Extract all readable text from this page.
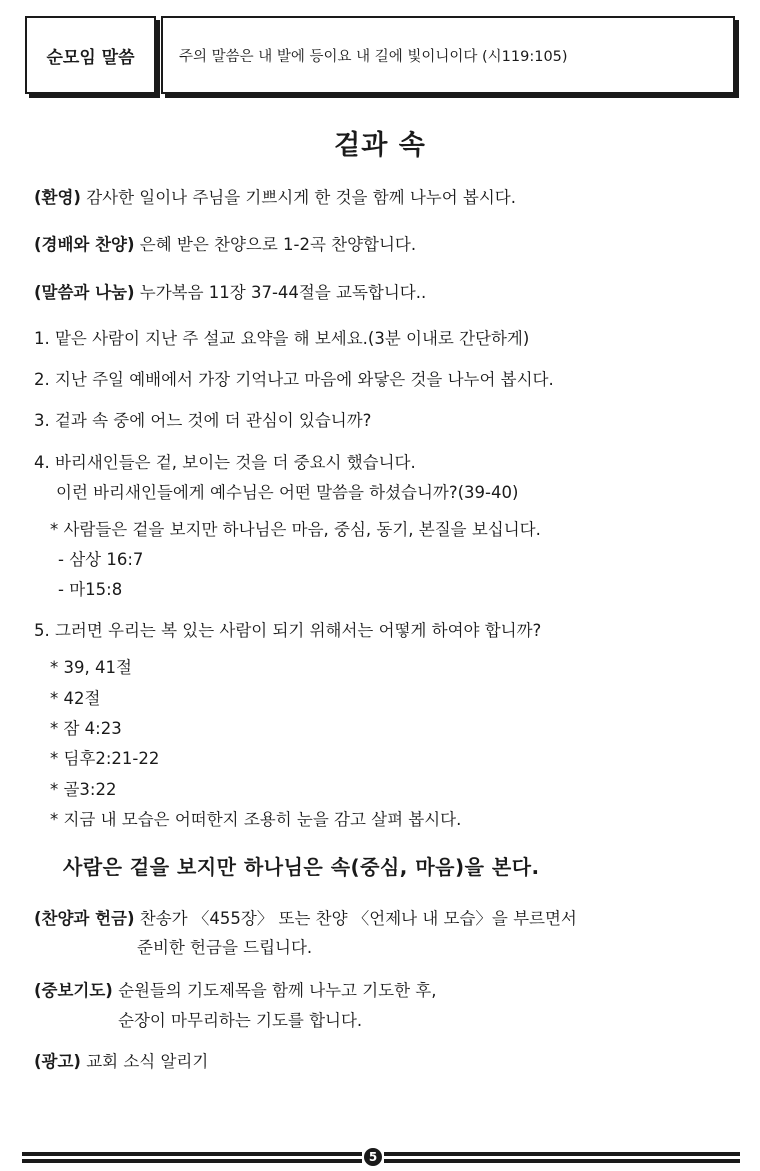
순모임 말씀	주의 말씀은 내 발에 등이요 내 길에 빛이니이다 (시119:105)
겉과 속
(환영) 감사한 일이나 주님을 기쁘시게 한 것을 함께 나누어 봅시다.
(경배와 찬양) 은혜 받은 찬양으로 1-2곡 찬양합니다.
(말씀과 나눔) 누가복음 11장 37-44절을 교독합니다..
1. 맡은 사람이 지난 주 설교 요약을 해 보세요.(3분 이내로 간단하게)
2. 지난 주일 예배에서 가장 기억나고 마음에 와닿은 것을 나누어 봅시다.
3. 겉과 속 중에 어느 것에 더 관심이 있습니까?
4. 바리새인들은 겉, 보이는 것을 더 중요시 했습니다.
이런 바리새인들에게 예수님은 어떤 말씀을 하셨습니까?(39-40)
* 사람들은 겉을 보지만 하나님은 마음, 중심, 동기, 본질을 보십니다.
- 삼상 16:7
- 마15:8
5. 그러면 우리는 복 있는 사람이 되기 위해서는 어떻게 하여야 합니까?
* 39, 41절
* 42절
* 잠 4:23
* 딤후2:21-22
* 골3:22
* 지금 내 모습은 어떠한지 조용히 눈을 감고 살펴 봅시다.
사람은 겉을 보지만 하나님은 속(중심, 마음)을 본다.
(찬양과 헌금) 찬송가 〈455장〉 또는 찬양 〈언제나 내 모습〉을 부르면서
준비한 헌금을 드립니다.
(중보기도) 순원들의 기도제목을 함께 나누고 기도한 후,
순장이 마무리하는 기도를 합니다.
(광고) 교회 소식 알리기
5
